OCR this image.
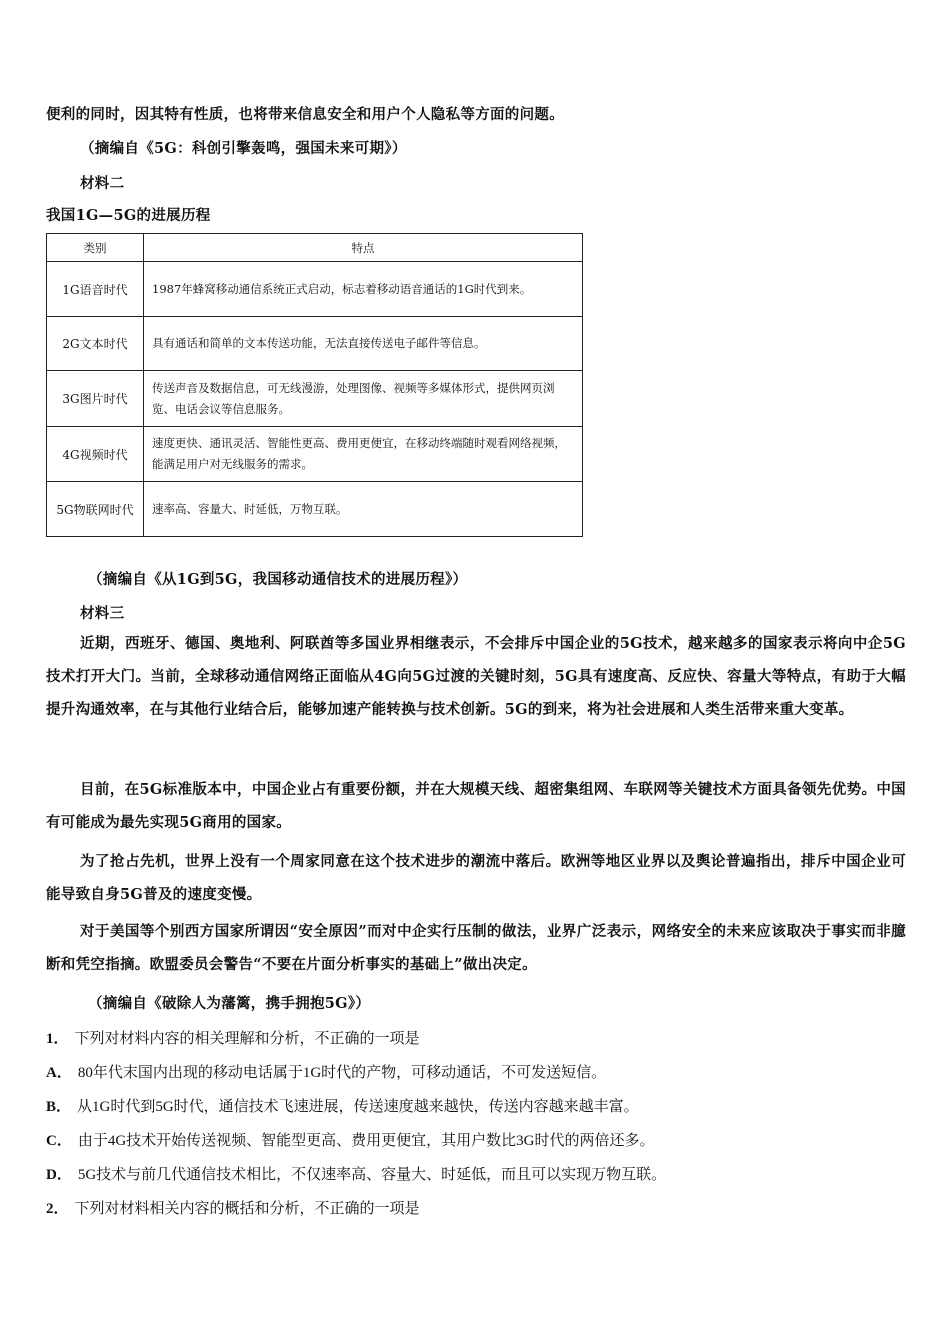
便利的同时，因其特有性质，也将带来信息安全和用户个人隐私等方面的问题。
（摘编自《5G：科创引擎轰鸣，强国未来可期》）
材料二
我国1G—5G的进展历程
类别	特点
1G语音时代	1987年蜂窝移动通信系统正式启动，标志着移动语音通话的1G时代到来。
2G文本时代	具有通话和简单的文本传送功能，无法直接传送电子邮件等信息。
3G图片时代	传送声音及数据信息，可无线漫游，处理图像、视频等多媒体形式，提供网页浏览、电话会议等信息服务。
4G视频时代	速度更快、通讯灵活、智能性更高、费用更便宜，在移动终端随时观看网络视频，能满足用户对无线服务的需求。
5G物联网时代	速率高、容量大、时延低，万物互联。
（摘编自《从1G到5G，我国移动通信技术的进展历程》）
材料三
近期，西班牙、德国、奥地利、阿联酋等多国业界相继表示，不会排斥中国企业的5G技术，越来越多的国家表示将向中企5G技术打开大门。当前，全球移动通信网络正面临从4G向5G过渡的关键时刻，5G具有速度高、反应快、容量大等特点，有助于大幅提升沟通效率，在与其他行业结合后，能够加速产能转换与技术创新。5G的到来，将为社会进展和人类生活带来重大变革。
目前，在5G标准版本中，中国企业占有重要份额，并在大规模天线、超密集组网、车联网等关键技术方面具备领先优势。中国有可能成为最先实现5G商用的国家。
为了抢占先机，世界上没有一个周家同意在这个技术进步的潮流中落后。欧洲等地区业界以及舆论普遍指出，排斥中国企业可能导致自身5G普及的速度变慢。
对于美国等个别西方国家所谓因“安全原因”而对中企实行压制的做法，业界广泛表示，网络安全的未来应该取决于事实而非臆断和凭空指摘。欧盟委员会警告“不要在片面分析事实的基础上”做出决定。
（摘编自《破除人为藩篱，携手拥抱5G》）
1． 下列对材料内容的相关理解和分析，不正确的一项是
A． 80年代末国内出现的移动电话属于1G时代的产物，可移动通话，不可发送短信。
B． 从1G时代到5G时代，通信技术飞速进展，传送速度越来越快，传送内容越来越丰富。
C． 由于4G技术开始传送视频、智能型更高、费用更便宜，其用户数比3G时代的两倍还多。
D． 5G技术与前几代通信技术相比，不仅速率高、容量大、时延低，而且可以实现万物互联。
2． 下列对材料相关内容的概括和分析，不正确的一项是
